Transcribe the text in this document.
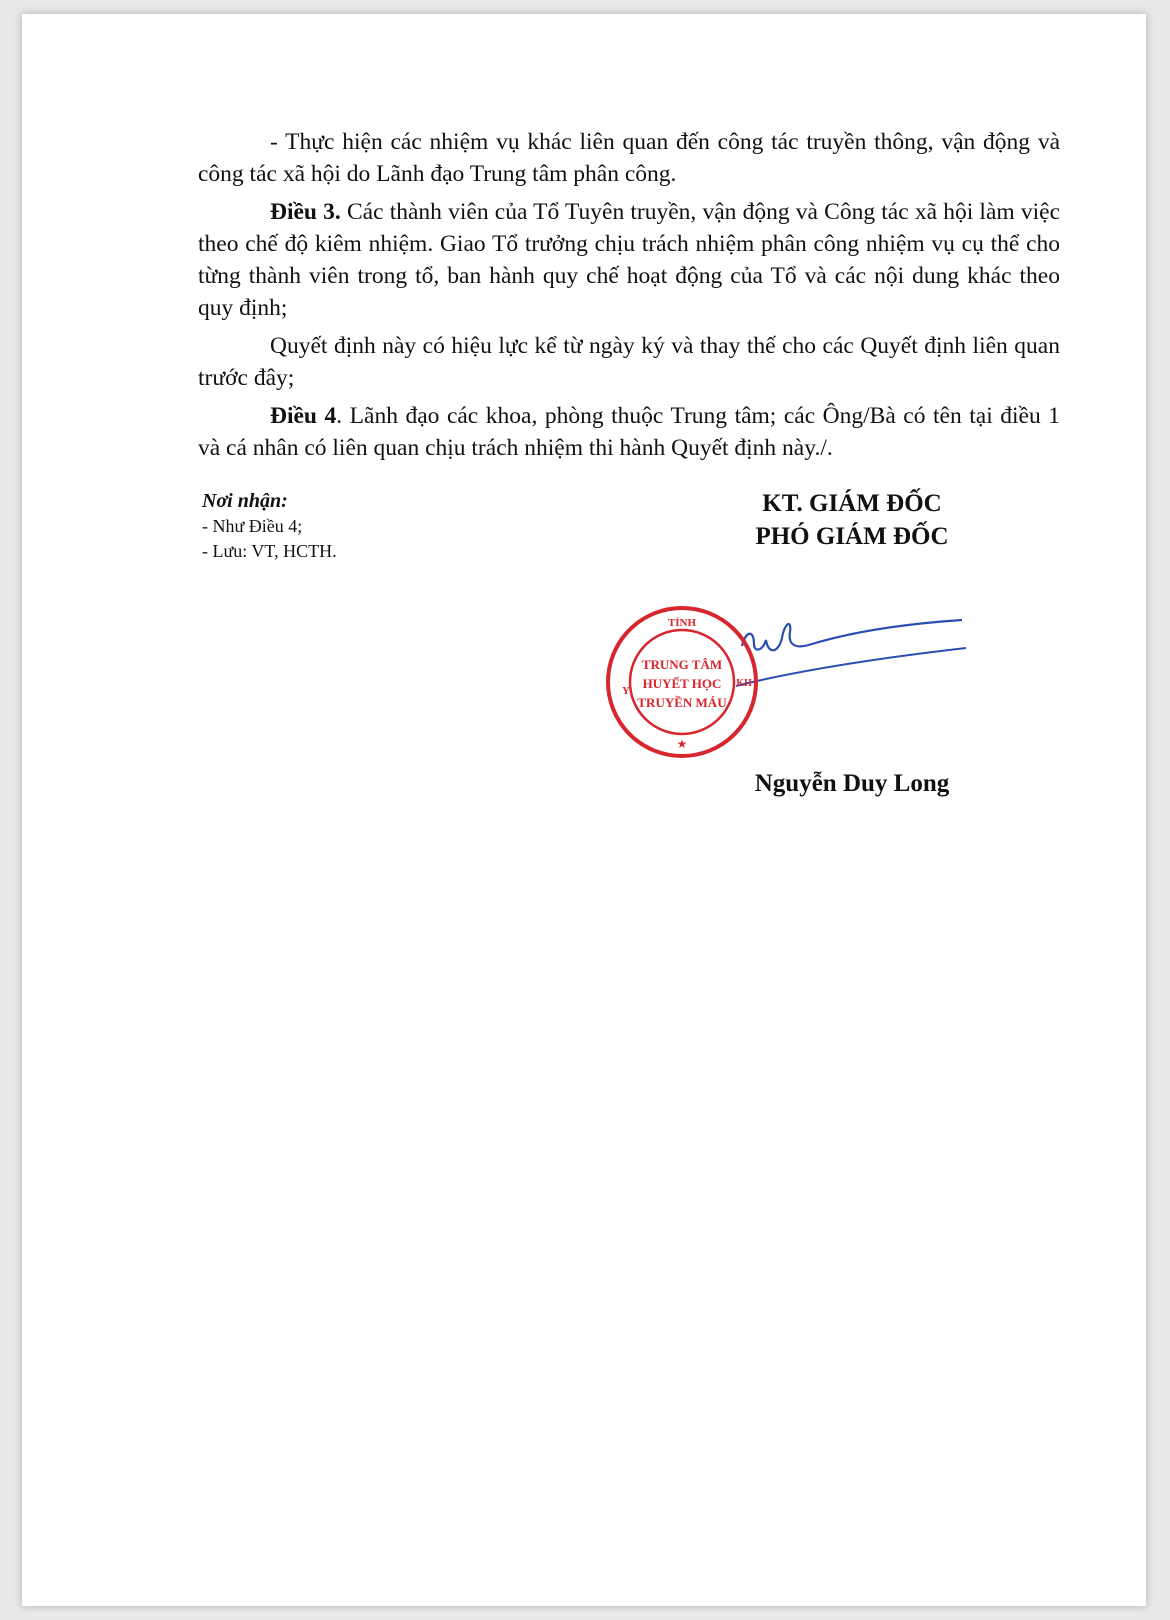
- Thực hiện các nhiệm vụ khác liên quan đến công tác truyền thông, vận động và công tác xã hội do Lãnh đạo Trung tâm phân công.

Điều 3. Các thành viên của Tổ Tuyên truyền, vận động và Công tác xã hội làm việc theo chế độ kiêm nhiệm. Giao Tổ trưởng chịu trách nhiệm phân công nhiệm vụ cụ thể cho từng thành viên trong tổ, ban hành quy chế hoạt động của Tổ và các nội dung khác theo quy định;

Quyết định này có hiệu lực kể từ ngày ký và thay thế cho các Quyết định liên quan trước đây;

Điều 4. Lãnh đạo các khoa, phòng thuộc Trung tâm; các Ông/Bà có tên tại điều 1 và cá nhân có liên quan chịu trách nhiệm thi hành Quyết định này./.

Nơi nhận:
- Như Điều 4;
- Lưu: VT, HCTH.
KT. GIÁM ĐỐC
PHÓ GIÁM ĐỐC
TỈNH
Y
KH
★
TRUNG TÂM
HUYẾT HỌC
TRUYỀN MÁU
Nguyễn Duy Long
